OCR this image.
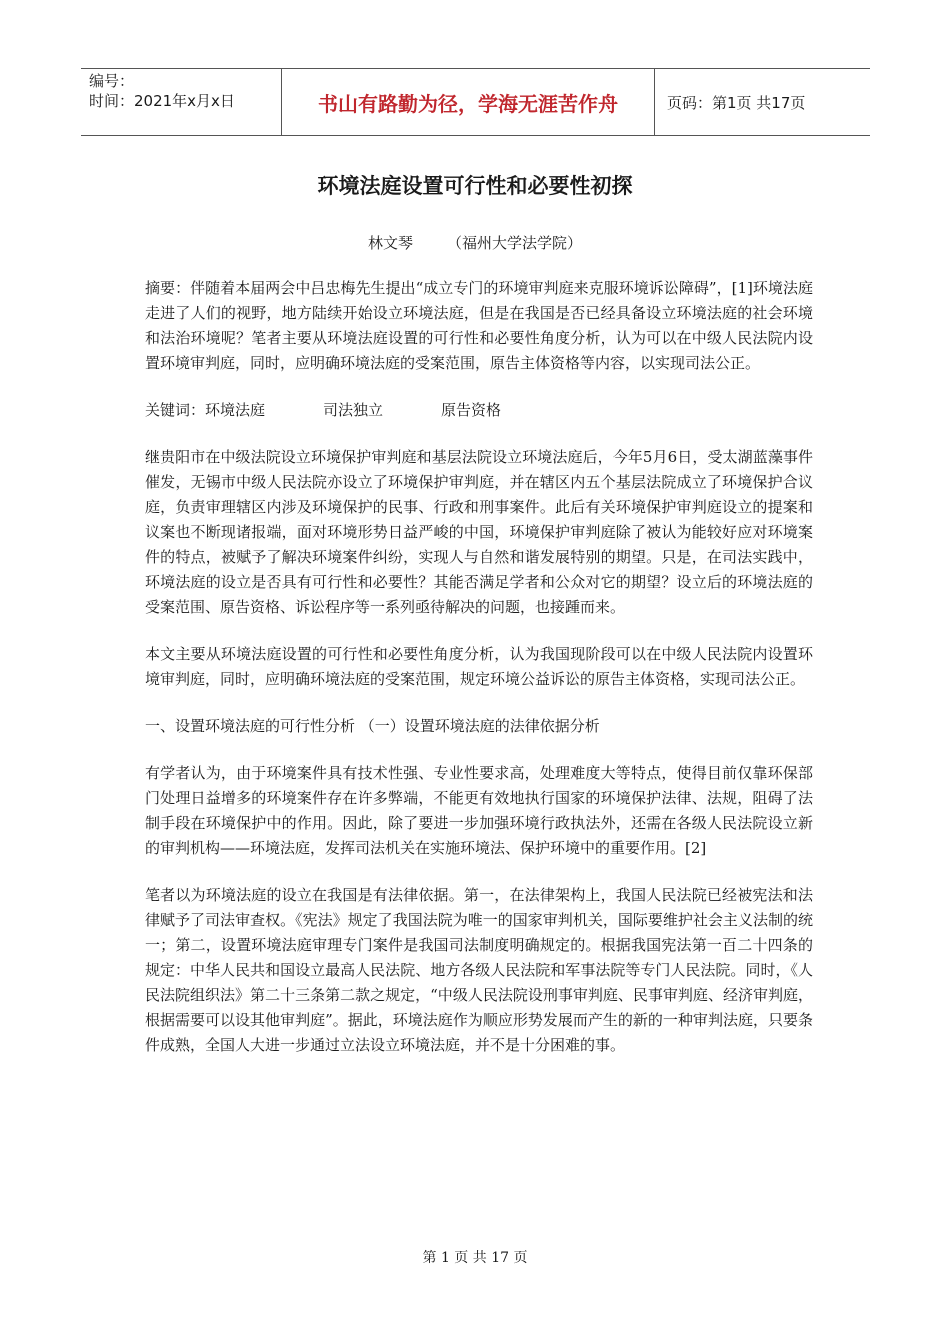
编号：
时间：2021年x月x日	书山有路勤为径，学海无涯苦作舟	页码：第1页 共17页
环境法庭设置可行性和必要性初探
林文琴 （福州大学法学院）

摘要：伴随着本届两会中吕忠梅先生提出“成立专门的环境审判庭来克服环境诉讼障碍”，[1]环境法庭走进了人们的视野，地方陆续开始设立环境法庭，但是在我国是否已经具备设立环境法庭的社会环境和法治环境呢？笔者主要从环境法庭设置的可行性和必要性角度分析，认为可以在中级人民法院内设置环境审判庭，同时，应明确环境法庭的受案范围，原告主体资格等内容，以实现司法公正。

关键词：环境法庭	司法独立	原告资格

继贵阳市在中级法院设立环境保护审判庭和基层法院设立环境法庭后，今年5月6日，受太湖蓝藻事件催发，无锡市中级人民法院亦设立了环境保护审判庭，并在辖区内五个基层法院成立了环境保护合议庭，负责审理辖区内涉及环境保护的民事、行政和刑事案件。此后有关环境保护审判庭设立的提案和议案也不断现诸报端，面对环境形势日益严峻的中国，环境保护审判庭除了被认为能较好应对环境案件的特点，被赋予了解决环境案件纠纷，实现人与自然和谐发展特别的期望。只是，在司法实践中，环境法庭的设立是否具有可行性和必要性？其能否满足学者和公众对它的期望？设立后的环境法庭的受案范围、原告资格、诉讼程序等一系列亟待解决的问题，也接踵而来。

本文主要从环境法庭设置的可行性和必要性角度分析，认为我国现阶段可以在中级人民法院内设置环境审判庭，同时，应明确环境法庭的受案范围，规定环境公益诉讼的原告主体资格，实现司法公正。

一、设置环境法庭的可行性分析 （一）设置环境法庭的法律依据分析

有学者认为，由于环境案件具有技术性强、专业性要求高，处理难度大等特点，使得目前仅靠环保部门处理日益增多的环境案件存在许多弊端，不能更有效地执行国家的环境保护法律、法规，阻碍了法制手段在环境保护中的作用。因此，除了要进一步加强环境行政执法外，还需在各级人民法院设立新的审判机构——环境法庭，发挥司法机关在实施环境法、保护环境中的重要作用。[2]

笔者以为环境法庭的设立在我国是有法律依据。第一，在法律架构上，我国人民法院已经被宪法和法律赋予了司法审查权。《宪法》规定了我国法院为唯一的国家审判机关，国际要维护社会主义法制的统一；第二，设置环境法庭审理专门案件是我国司法制度明确规定的。根据我国宪法第一百二十四条的规定：中华人民共和国设立最高人民法院、地方各级人民法院和军事法院等专门人民法院。同时，《人民法院组织法》第二十三条第二款之规定，“中级人民法院设刑事审判庭、民事审判庭、经济审判庭，根据需要可以设其他审判庭”。据此，环境法庭作为顺应形势发展而产生的新的一种审判法庭，只要条件成熟，全国人大进一步通过立法设立环境法庭，并不是十分困难的事。

第 1 页 共 17 页
